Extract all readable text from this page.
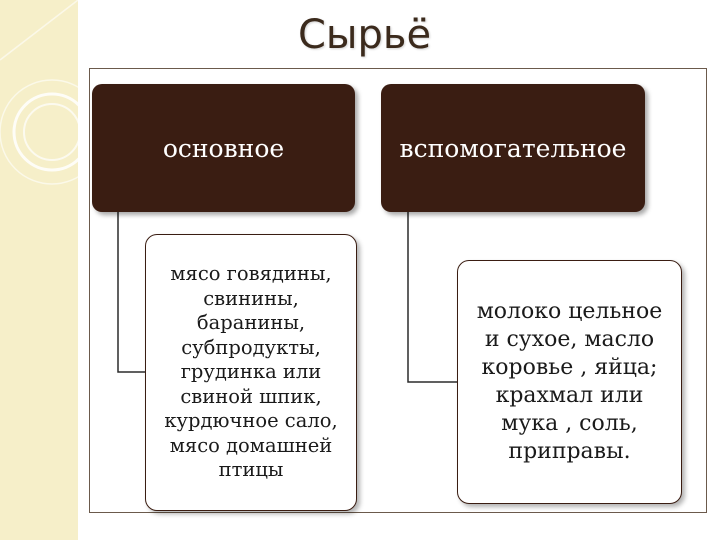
Сырьё
основное	вспомогательное
мясо говядины,
свинины,
баранины,
субпродукты,
грудинка или
свиной шпик,
курдючное сало,
мясо домашней
птицы
молоко цельное
и сухое, масло
коровье , яйца;
крахмал или
мука , соль,
приправы.
